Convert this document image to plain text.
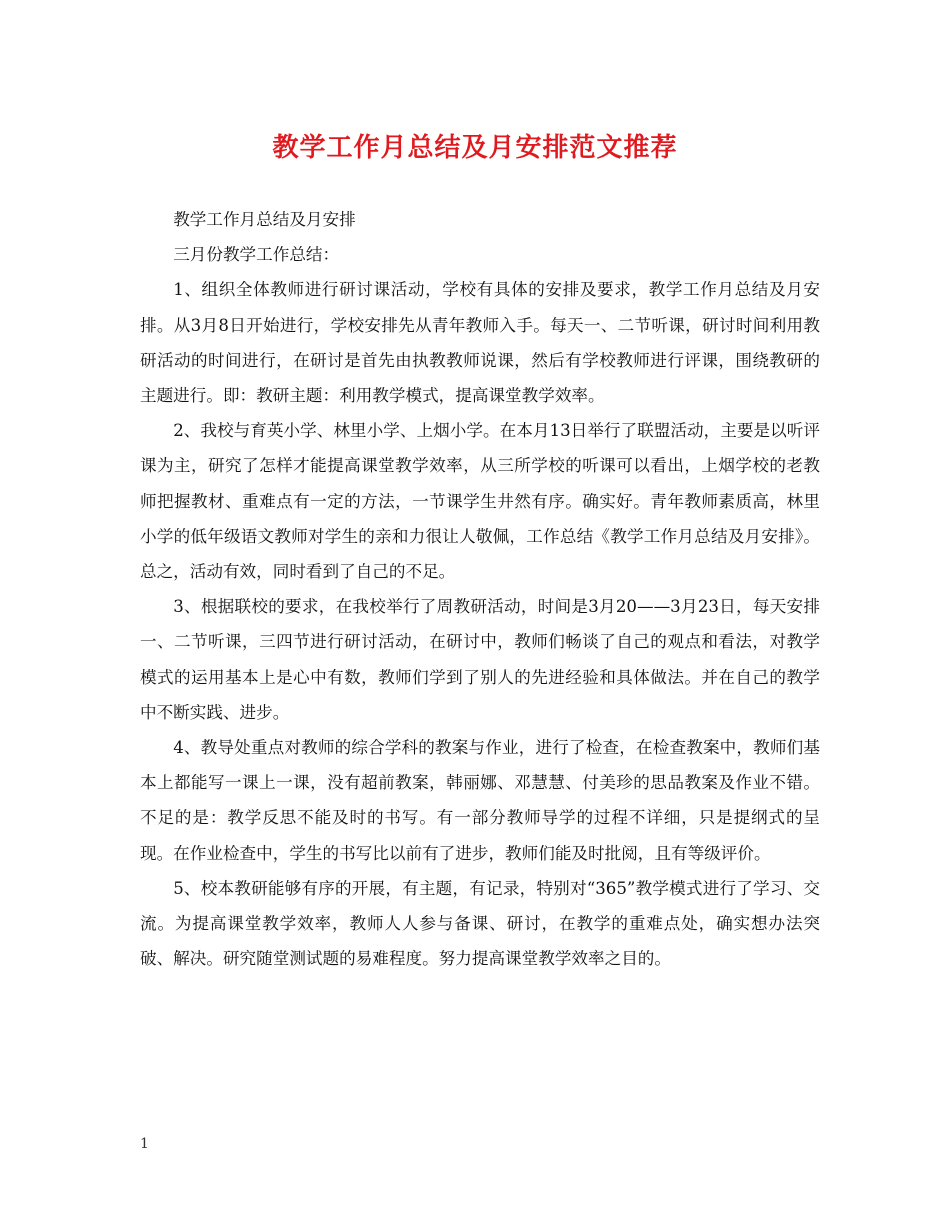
教学工作月总结及月安排范文推荐

教学工作月总结及月安排

三月份教学工作总结：

1、组织全体教师进行研讨课活动，学校有具体的安排及要求，教学工作月总结及月安排。从3月8日开始进行，学校安排先从青年教师入手。每天一、二节听课，研讨时间利用教研活动的时间进行，在研讨是首先由执教教师说课，然后有学校教师进行评课，围绕教研的主题进行。即：教研主题：利用教学模式，提高课堂教学效率。

2、我校与育英小学、林里小学、上烟小学。在本月13日举行了联盟活动，主要是以听评课为主，研究了怎样才能提高课堂教学效率，从三所学校的听课可以看出，上烟学校的老教师把握教材、重难点有一定的方法，一节课学生井然有序。确实好。青年教师素质高，林里小学的低年级语文教师对学生的亲和力很让人敬佩，工作总结《教学工作月总结及月安排》。总之，活动有效，同时看到了自己的不足。

3、根据联校的要求，在我校举行了周教研活动，时间是3月20——3月23日，每天安排一、二节听课，三四节进行研讨活动，在研讨中，教师们畅谈了自己的观点和看法，对教学模式的运用基本上是心中有数，教师们学到了别人的先进经验和具体做法。并在自己的教学中不断实践、进步。

4、教导处重点对教师的综合学科的教案与作业，进行了检查，在检查教案中，教师们基本上都能写一课上一课，没有超前教案，韩丽娜、邓慧慧、付美珍的思品教案及作业不错。不足的是：教学反思不能及时的书写。有一部分教师导学的过程不详细，只是提纲式的呈现。在作业检查中，学生的书写比以前有了进步，教师们能及时批阅，且有等级评价。

5、校本教研能够有序的开展，有主题，有记录，特别对“365”教学模式进行了学习、交流。为提高课堂教学效率，教师人人参与备课、研讨，在教学的重难点处，确实想办法突破、解决。研究随堂测试题的易难程度。努力提高课堂教学效率之目的。

1
